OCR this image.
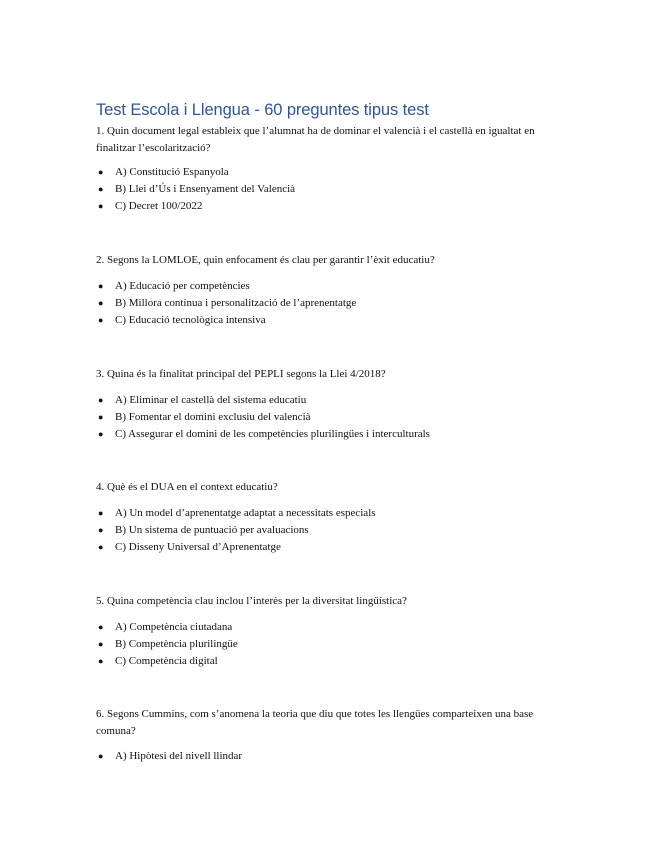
Test Escola i Llengua - 60 preguntes tipus test

1. Quin document legal estableix que l’alumnat ha de dominar el valencià i el castellà en igualtat en finalitzar l’escolarització?

● A) Constitució Espanyola
● B) Llei d’Ús i Ensenyament del Valencià
● C) Decret 100/2022

2. Segons la LOMLOE, quin enfocament és clau per garantir l’èxit educatiu?

● A) Educació per competències
● B) Millora contínua i personalització de l’aprenentatge
● C) Educació tecnològica intensiva

3. Quina és la finalitat principal del PEPLI segons la Llei 4/2018?

● A) Eliminar el castellà del sistema educatiu
● B) Fomentar el domini exclusiu del valencià
● C) Assegurar el domini de les competències plurilingües i interculturals

4. Què és el DUA en el context educatiu?

● A) Un model d’aprenentatge adaptat a necessitats especials
● B) Un sistema de puntuació per avaluacions
● C) Disseny Universal d’Aprenentatge

5. Quina competència clau inclou l’interès per la diversitat lingüística?

● A) Competència ciutadana
● B) Competència plurilingüe
● C) Competència digital

6. Segons Cummins, com s’anomena la teoria que diu que totes les llengües comparteixen una base comuna?

● A) Hipòtesi del nivell llindar
